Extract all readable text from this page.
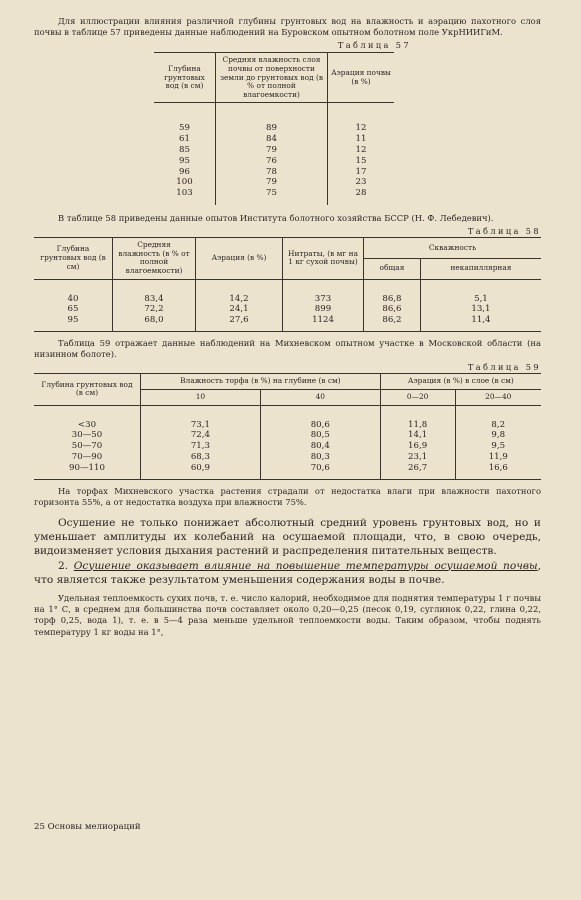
Для иллюстрации влияния различной глубины грунтовых вод на влажность и аэрацию пахотного слоя почвы в таблице 57 приведены данные наблюдений на Буровском опытном болотном поле УкрНИИГиМ.

Таблица 57
Глубина грунтовых вод (в см)	Средняя влажность слоя почвы от поверхности земли до грунтовых вод (в % от полной влагоемкости)	Аэрация почвы (в %)
59	89	12
61	84	11
85	79	12
95	76	15
96	78	17
100	79	23
103	75	28

В таблице 58 приведены данные опытов Института болотного хозяйства БССР (Н. Ф. Лебедевич).

Таблица 58
Глубина грунтовых вод (в см)	Средняя влажность (в % от полной влагоемкости)	Аэрация (в %)	Нитраты, (в мг на 1 кг сухой почвы)	Скважность	
				общая	некапиллярная
40	83,4	14,2	373	86,8	5,1
65	72,2	24,1	899	86,6	13,1
95	68,0	27,6	1124	86,2	11,4

Таблица 59 отражает данные наблюдений на Михневском опытном участке в Московской области (на низинном болоте).

Таблица 59
Глубина грунтовых вод (в см)	Влажность торфа (в %) на глубине (в см)		Аэрация (в %) в слое (в см)	
	10	40	0—20	20—40
<30	73,1	80,6	11,8	8,2
30—50	72,4	80,5	14,1	9,8
50—70	71,3	80,4	16,9	9,5
70—90	68,3	80,3	23,1	11,9
90—110	60,9	70,6	26,7	16,6

На торфах Михневского участка растения страдали от недостатка влаги при влажности пахотного горизонта 55%, а от недостатка воздуха при влажности 75%.

Осушение не только понижает абсолютный средний уровень грунтовых вод, но и уменьшает амплитуды их колебаний на осушаемой площади, что, в свою очередь, видоизменяет условия дыхания растений и распределения питательных веществ.

2. Осушение оказывает влияние на повышение температуры осушаемой почвы, что является также результатом уменьшения содержания воды в почве.

Удельная теплоемкость сухих почв, т. е. число калорий, необходимое для поднятия температуры 1 г почвы на 1° С, в среднем для большинства почв составляет около 0,20—0,25 (песок 0,19, суглинок 0,22, глина 0,22, торф 0,25, вода 1), т. е. в 5—4 раза меньше удельной теплоемкости воды. Таким образом, чтобы поднять температуру 1 кг воды на 1°,

25 Основы мелиораций
